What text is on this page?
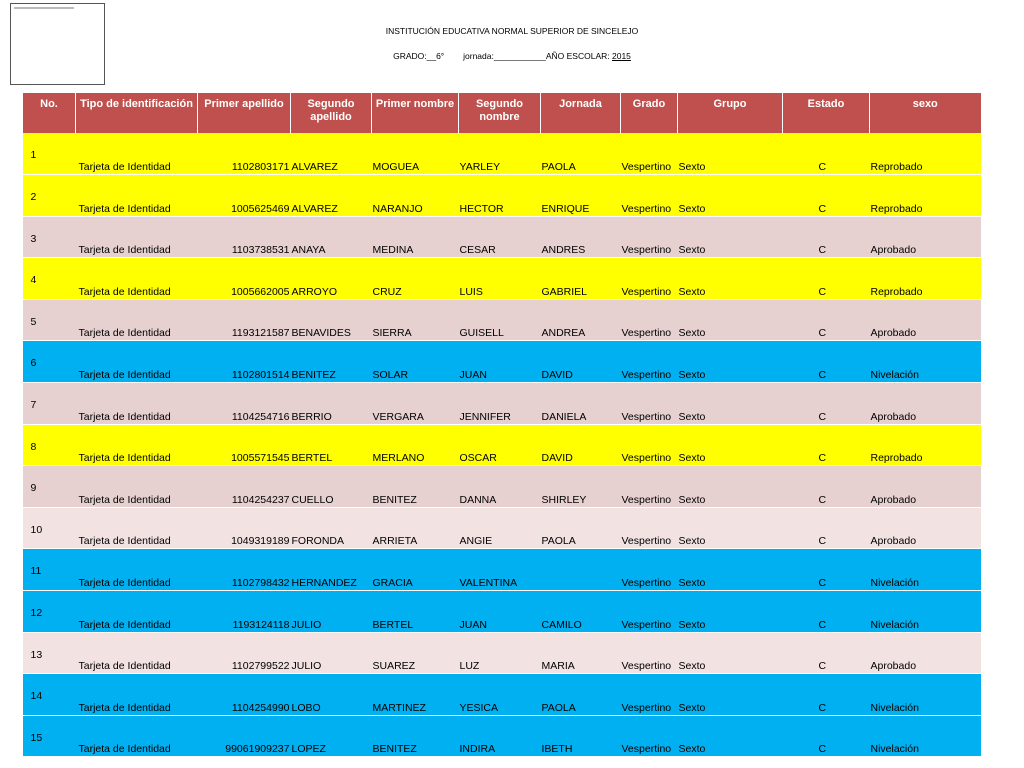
INSTITUCIÓN EDUCATIVA NORMAL SUPERIOR DE SINCELEJO
GRADO:__6° jornada:___________AÑO ESCOLAR: 2015
No.	Tipo de identificación	Primer apellido	Segundo apellido	Primer nombre	Segundo nombre	Jornada	Grado	Grupo	Estado	sexo
1	Tarjeta de Identidad 1102803171		ALVAREZ	MOGUEA	YARLEY	PAOLA	Vespertino	Sexto	C	Reprobado
2	Tarjeta de Identidad 1005625469		ALVAREZ	NARANJO	HECTOR	ENRIQUE	Vespertino	Sexto	C	Reprobado
3	Tarjeta de Identidad 1103738531		ANAYA	MEDINA	CESAR	ANDRES	Vespertino	Sexto	C	Aprobado
4	Tarjeta de Identidad 1005662005		ARROYO	CRUZ	LUIS	GABRIEL	Vespertino	Sexto	C	Reprobado
5	Tarjeta de Identidad 1193121587		BENAVIDES	SIERRA	GUISELL	ANDREA	Vespertino	Sexto	C	Aprobado
6	Tarjeta de Identidad 1102801514		BENITEZ	SOLAR	JUAN	DAVID	Vespertino	Sexto	C	Nivelación
7	Tarjeta de Identidad 1104254716		BERRIO	VERGARA	JENNIFER	DANIELA	Vespertino	Sexto	C	Aprobado
8	Tarjeta de Identidad 1005571545		BERTEL	MERLANO	OSCAR	DAVID	Vespertino	Sexto	C	Reprobado
9	Tarjeta de Identidad 1104254237		CUELLO	BENITEZ	DANNA	SHIRLEY	Vespertino	Sexto	C	Aprobado
10	Tarjeta de Identidad 1049319189		FORONDA	ARRIETA	ANGIE	PAOLA	Vespertino	Sexto	C	Aprobado
11	Tarjeta de Identidad 1102798432		HERNANDEZ	GRACIA	VALENTINA		Vespertino	Sexto	C	Nivelación
12	Tarjeta de Identidad 1193124118		JULIO	BERTEL	JUAN	CAMILO	Vespertino	Sexto	C	Nivelación
13	Tarjeta de Identidad 1102799522		JULIO	SUAREZ	LUZ	MARIA	Vespertino	Sexto	C	Aprobado
14	Tarjeta de Identidad 1104254990		LOBO	MARTINEZ	YESICA	PAOLA	Vespertino	Sexto	C	Nivelación
15	Tarjeta de Identidad 99061909237		LOPEZ	BENITEZ	INDIRA	IBETH	Vespertino	Sexto	C	Nivelación
